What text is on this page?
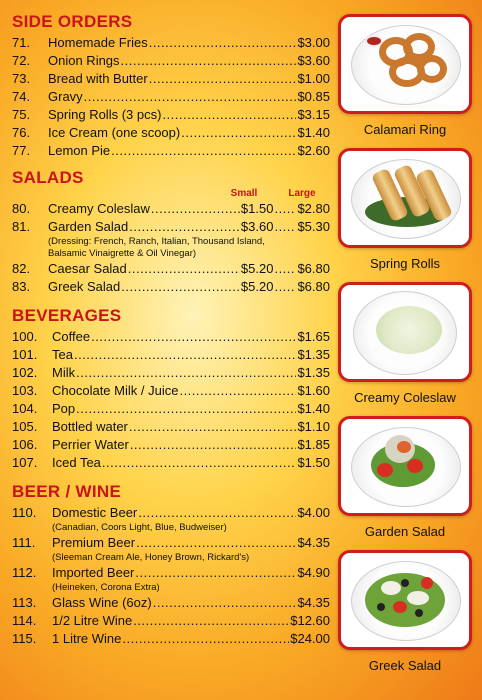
SIDE ORDERS
71.	Homemade Fries .....	$3.00
72.	Onion Rings .....	$3.60
73.	Bread with Butter .....	$1.00
74.	Gravy .....	$0.85
75.	Spring Rolls (3 pcs) .....	$3.15
76.	Ice Cream (one scoop) .....	$1.40
77.	Lemon Pie .....	$2.60
SALADS
Small	Large
80.	Creamy Coleslaw .....	$1.50 ..... $2.80
81.	Garden Salad .....	$3.60 ..... $5.30
(Dressing: French, Ranch, Italian, Thousand Island,
Balsamic Vinaigrette & Oil Vinegar)
82.	Caesar Salad .....	$5.20 ..... $6.80
83.	Greek Salad .....	$5.20 ..... $6.80
BEVERAGES
100.	Coffee .....	$1.65
101.	Tea .....	$1.35
102.	Milk .....	$1.35
103.	Chocolate Milk / Juice .....	$1.60
104.	Pop .....	$1.40
105.	Bottled water .....	$1.10
106.	Perrier Water .....	$1.85
107.	Iced Tea .....	$1.50
BEER / WINE
110.	Domestic Beer .....	$4.00
(Canadian, Coors Light, Blue, Budweiser)
111.	Premium Beer .....	$4.35
(Sleeman Cream Ale, Honey Brown, Rickard's)
112.	Imported Beer .....	$4.90
(Heineken, Corona Extra)
113.	Glass Wine (6oz) .....	$4.35
114.	1/2 Litre Wine .....	$12.60
115.	1 Litre Wine .....	$24.00
Calamari Ring
Spring Rolls
Creamy Coleslaw
Garden Salad
Greek Salad
